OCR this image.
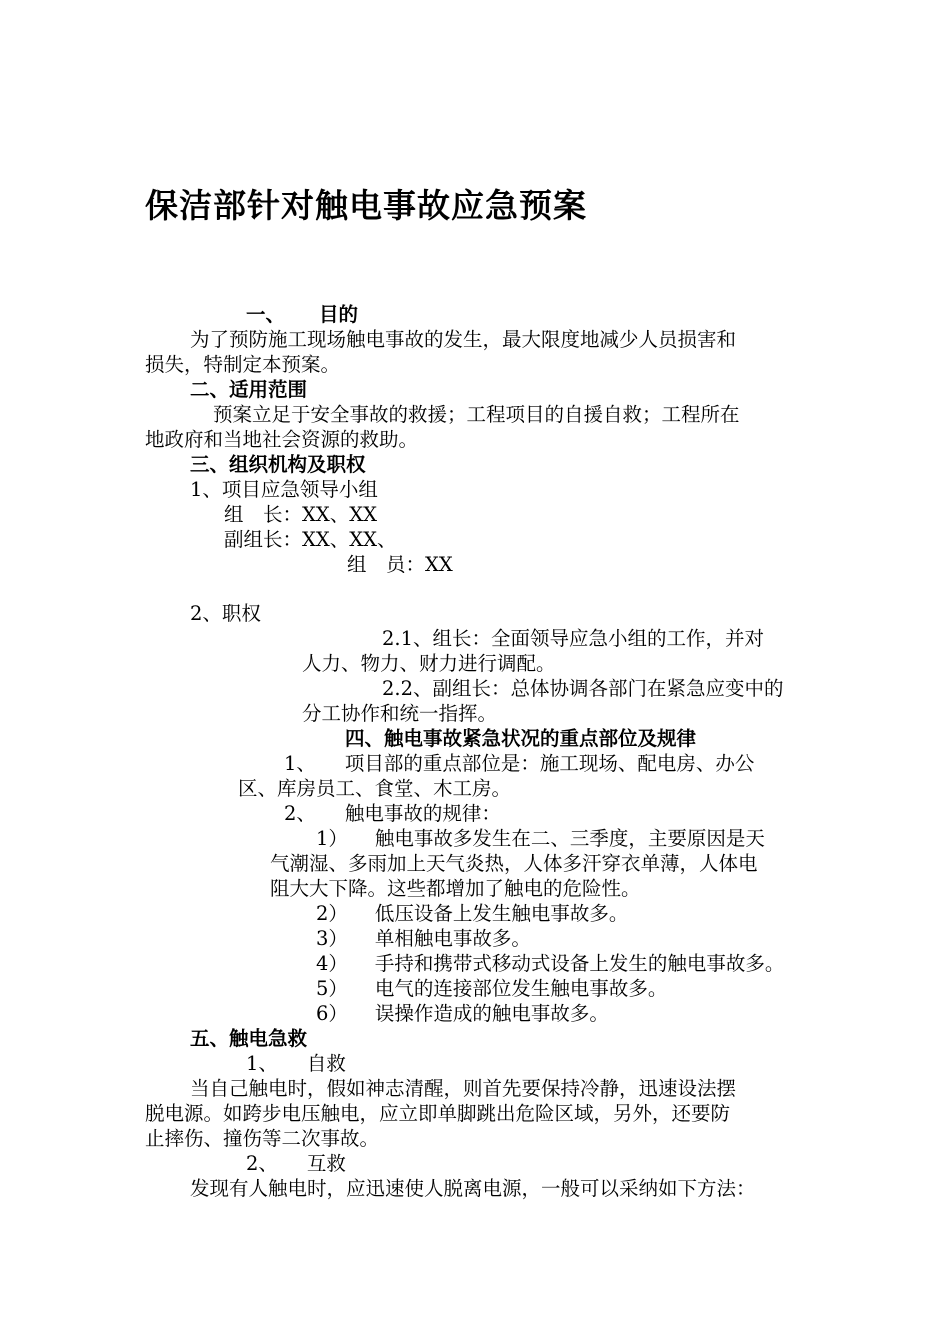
保洁部针对触电事故应急预案
一、 目的
为了预防施工现场触电事故的发生，最大限度地减少人员损害和
损失，特制定本预案。
二、适用范围
预案立足于安全事故的救援；工程项目的自援自救；工程所在
地政府和当地社会资源的救助。
三、组织机构及职权
1、项目应急领导小组
组　长：XX、XX
副组长：XX、XX、
组　员：XX
2、职权
2.1、组长：全面领导应急小组的工作，并对
人力、物力、财力进行调配。
2.2、副组长：总体协调各部门在紧急应变中的
分工协作和统一指挥。
四、触电事故紧急状况的重点部位及规律
1、 项目部的重点部位是：施工现场、配电房、办公
区、库房员工、食堂、木工房。
2、 触电事故的规律：
1） 触电事故多发生在二、三季度，主要原因是天
气潮湿、多雨加上天气炎热，人体多汗穿衣单薄，人体电
阻大大下降。这些都增加了触电的危险性。
2） 低压设备上发生触电事故多。
3） 单相触电事故多。
4） 手持和携带式移动式设备上发生的触电事故多。
5） 电气的连接部位发生触电事故多。
6） 误操作造成的触电事故多。
五、触电急救
1、 自救
当自己触电时，假如神志清醒，则首先要保持冷静，迅速设法摆
脱电源。如跨步电压触电，应立即单脚跳出危险区域，另外，还要防
止摔伤、撞伤等二次事故。
2、 互救
发现有人触电时，应迅速使人脱离电源，一般可以采纳如下方法：
